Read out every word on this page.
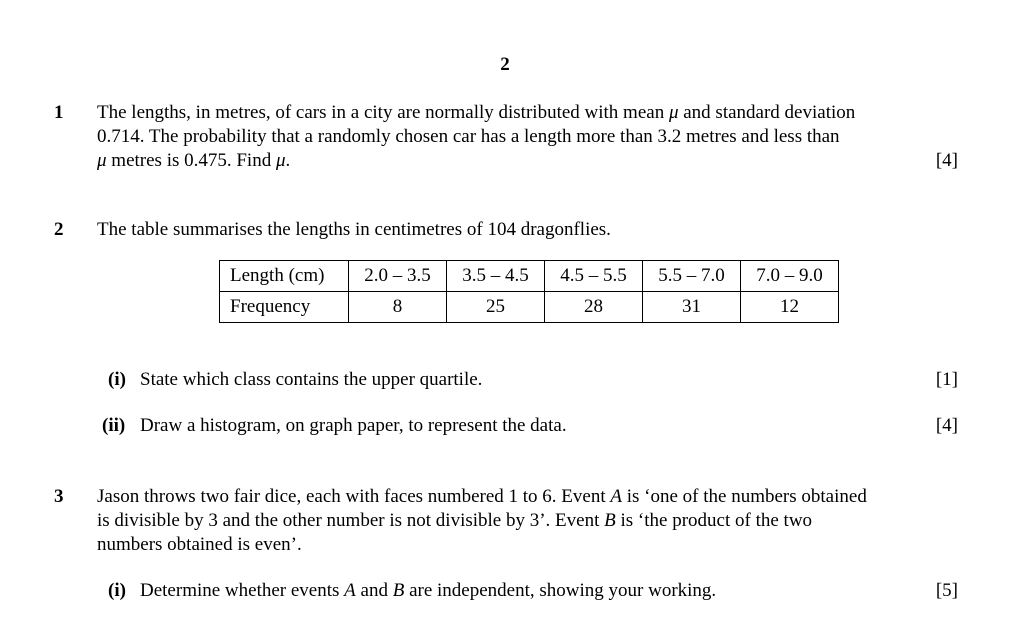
2
1 The lengths, in metres, of cars in a city are normally distributed with mean μ and standard deviation
0.714. The probability that a randomly chosen car has a length more than 3.2 metres and less than
μ metres is 0.475. Find μ.	[4]
2 The table summarises the lengths in centimetres of 104 dragonflies.
Length (cm)	2.0 – 3.5	3.5 – 4.5	4.5 – 5.5	5.5 – 7.0	7.0 – 9.0
Frequency	8	25	28	31	12
(i) State which class contains the upper quartile.	[1]
(ii) Draw a histogram, on graph paper, to represent the data.	[4]
3 Jason throws two fair dice, each with faces numbered 1 to 6. Event A is ‘one of the numbers obtained
is divisible by 3 and the other number is not divisible by 3’. Event B is ‘the product of the two
numbers obtained is even’.
(i) Determine whether events A and B are independent, showing your working.	[5]
